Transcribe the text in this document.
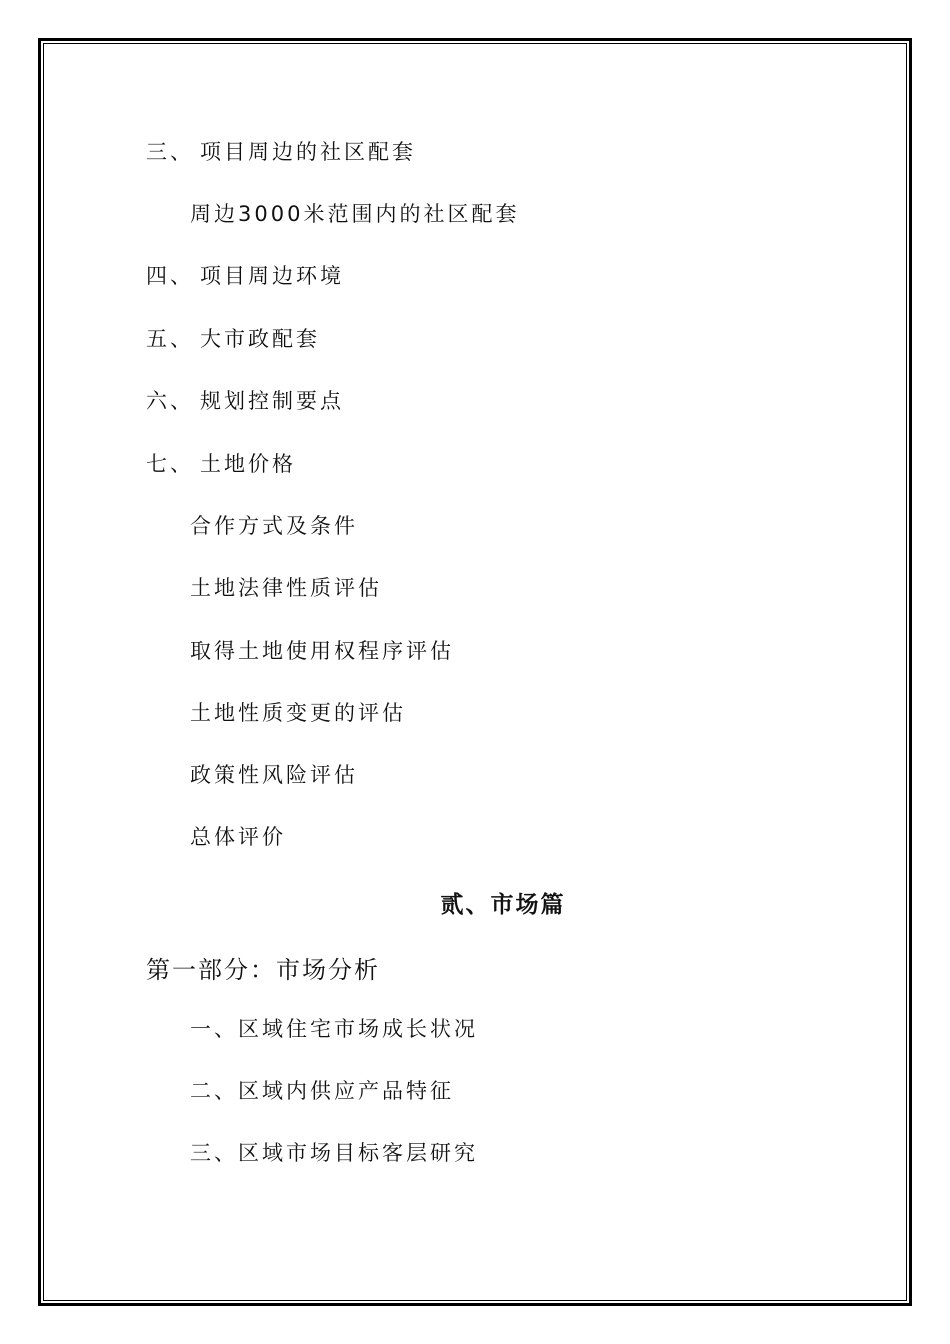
三、 项目周边的社区配套
周边3000米范围内的社区配套
四、 项目周边环境
五、 大市政配套
六、 规划控制要点
七、 土地价格
合作方式及条件
土地法律性质评估
取得土地使用权程序评估
土地性质变更的评估
政策性风险评估
总体评价
贰、市场篇
第一部分：市场分析
一、区域住宅市场成长状况
二、区域内供应产品特征
三、区域市场目标客层研究
